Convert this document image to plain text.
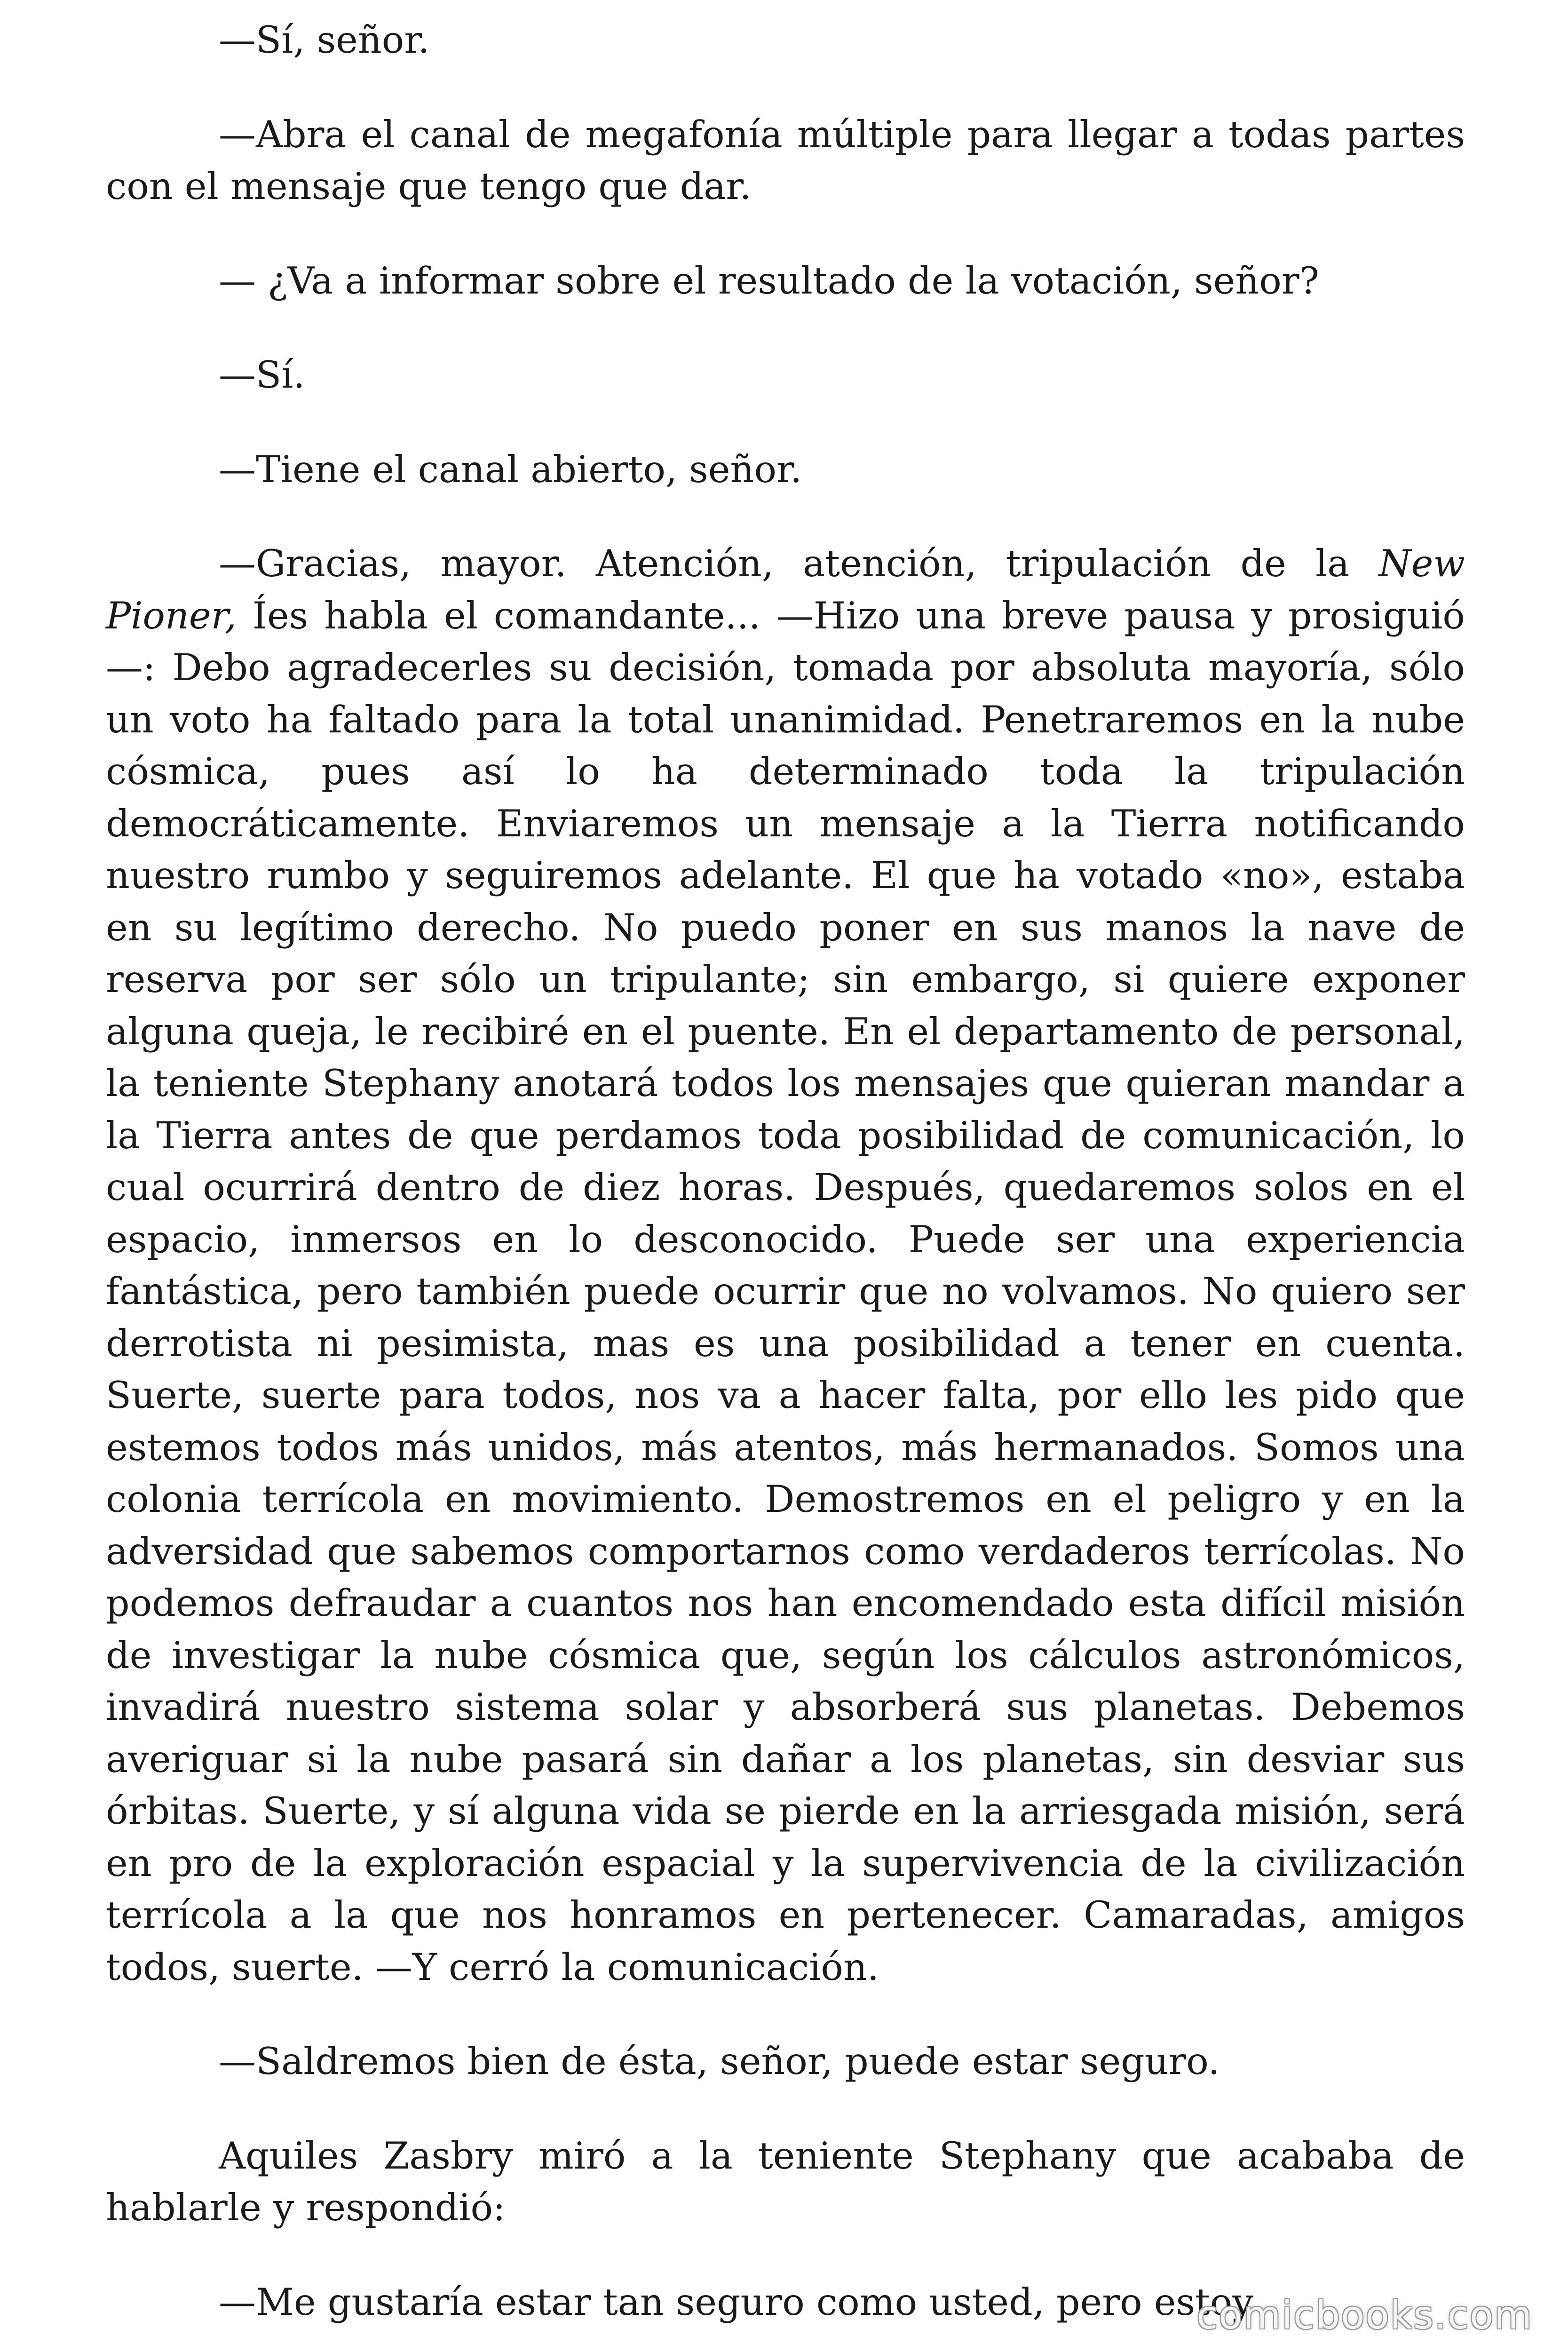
—Sí, señor.

—Abra el canal de megafonía múltiple para llegar a todas partes con el mensaje que tengo que dar.

— ¿Va a informar sobre el resultado de la votación, señor?

—Sí.

—Tiene el canal abierto, señor.

—Gracias, mayor. Atención, atención, tripulación de la New Pioner, Íes habla el comandante... —Hizo una breve pausa y prosiguió —: Debo agradecerles su decisión, tomada por absoluta mayoría, sólo un voto ha faltado para la total unanimidad. Penetraremos en la nube cósmica, pues así lo ha determinado toda la tripulación democráticamente. Enviaremos un mensaje a la Tierra notificando nuestro rumbo y seguiremos adelante. El que ha votado «no», estaba en su legítimo derecho. No puedo poner en sus manos la nave de reserva por ser sólo un tripulante; sin embargo, si quiere exponer alguna queja, le recibiré en el puente. En el departamento de personal, la teniente Stephany anotará todos los mensajes que quieran mandar a la Tierra antes de que perdamos toda posibilidad de comunicación, lo cual ocurrirá dentro de diez horas. Después, quedaremos solos en el espacio, inmersos en lo desconocido. Puede ser una experiencia fantástica, pero también puede ocurrir que no volvamos. No quiero ser derrotista ni pesimista, mas es una posibilidad a tener en cuenta. Suerte, suerte para todos, nos va a hacer falta, por ello les pido que estemos todos más unidos, más atentos, más hermanados. Somos una colonia terrícola en movimiento. Demostremos en el peligro y en la adversidad que sabemos comportarnos como verdaderos terrícolas. No podemos defraudar a cuantos nos han encomendado esta difícil misión de investigar la nube cósmica que, según los cálculos astronómicos, invadirá nuestro sistema solar y absorberá sus planetas. Debemos averiguar si la nube pasará sin dañar a los planetas, sin desviar sus órbitas. Suerte, y sí alguna vida se pierde en la arriesgada misión, será en pro de la exploración espacial y la supervivencia de la civilización terrícola a la que nos honramos en pertenecer. Camaradas, amigos todos, suerte. —Y cerró la comunicación.

—Saldremos bien de ésta, señor, puede estar seguro.

Aquiles Zasbry miró a la teniente Stephany que acababa de hablarle y respondió:

—Me gustaría estar tan seguro como usted, pero estoy

comicbooks.com
